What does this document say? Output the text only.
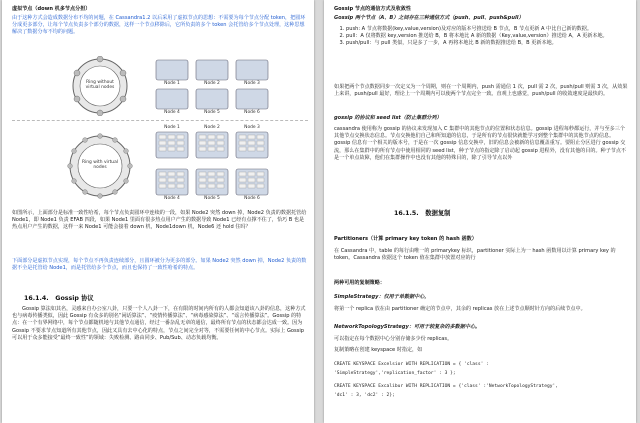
虚拟节点（down 机多节点分担）

由于这种方式会造成数据分布不均的问题，在 Cassandra1.2 以后采用了虚拟节点的思想：不需要为每个节点分配 token，把圆环分成更多部分，让每个节点负责多个部分的数据，这样一个节点移除后，它所负责的多个 token 会托管给多个节点处理，这种思想解决了数据分布不均的问题。

Ring without virtual nodes
Node 1	Node 2	Node 3
Node 4	Node 5	Node 6
Ring with virtual nodes
Node 1	Node 2	Node 3
Node 4	Node 5	Node 6

如图所示，上面部分是标准一致性哈希，每个节点负责圆环中连续的一段，如果 Node2 突然 down 掉，Node2 负责的数据托管给 Node1，即 Node1 负责 EFAB 四段，如果 Node1 里面有很多热点用户产生的数据导致 Node1 已经有点撑不住了，恰巧 B 也是热点用户产生的数据，这样一来 Node1 可能会接着 down 机，Node1down 机，Node6 还 hold 住吗？

下面部分是虚拟节点实现，每个节点不再负责连续部分，且圆环被分为更多的部分。如果 Node2 突然 down 掉，Node2 负责的数据不全是托管给 Node1，而是托管给多个节点，而且也保持了一致性哈希的特点。

16.1.4. Gossip 协议

Gossip 算法如其名，灵感来自办公室八卦，只要一个人八卦一下，在有限的时间内所有的人都会知道该八卦的信息，这种方式也与病毒传播类似，因此 Gossip 有众多的别名“闲话算法”、“疫情传播算法”、“病毒感染算法”、“谣言传播算法”。Gossip 的特点：在一个有界网络中，每个节点都随机地与其他节点通信，经过一番杂乱无章的通信，最终所有节点的状态都会达成一致。因为 Gossip 不要求节点知道所有其他节点，因此又具有去中心化的特点，节点之间完全对等，不需要任何的中心节点。实际上 Gossip 可以用于众多能接受“最终一致性”的领域：失败检测、路由同步、Pub/Sub、动态负载均衡。

Gossip 节点的通信方式及收敛性

Gossip 两个节点（A、B）之间存在三种通信方式（push、pull、push&pull）

1. push: A 节点将数据(key,value,version)及对应的版本号推送给 B 节点，B 节点更新 A 中比自己新的数据。
2. pull：A 仅将数据 key,version 推送给 B，B 将本地比 A 新的数据（Key,value,version）推送给 A，A 更新本地。
3. push/pull：与 pull 类似，只是多了一步，A 再将本地比 B 新的数据推送给 B，B 更新本地。

如果把两个节点数据同步一次定义为一个周期，则在一个周期内，push 需通信 1 次，pull 需 2 次，push/pull 则需 3 次，从效果上来讲，push/pull 最好，理论上一个周期内可以使两个节点完全一致。直观上也感觉，push/pull 的收敛速度是最快的。

gossip 的协议和 seed list（防止集群分列）

cassandra 使用称为 gossip 的协议来发现加入 C 集群中的其他节点的位置和状态信息。gossip 进程每秒都运行，并与至多三个其他节点交换状态信息。节点交换他们自己和所知道的信息，于是所有的节点很快就能学习到整个集群中的其他节点的信息。gossip 信息有一个相关的版本号，于是在一次 gossip 信息交换中，旧的信息会被新的信息覆盖重写。要阻止分区进行 gossip 交流，那么在集群中的所有节点中使用相同的 seed list，种子节点的指定除了启动起 gossip 进程外，没有其他的目的。种子节点不是一个单点故障，他们在集群操作中也没有其他的特殊目的，除了引导节点以外

16.1.5. 数据复制

Partitioners（计算 primary key token 的 hash 函数）

在 Cassandra 中，table 的每行由唯一的 primarykey 标识，partitioner 实际上为一 hash 函数用以计算 primary key 的 token。Cassandra 依据这个 token 值在集群中放置对应的行

两种可用的复制策略：

SimpleStrategy：仅用于单数据中心，

将第一个 replica 放在由 partitioner 确定的节点中，其余的 replicas 放在上述节点顺时针方向的后续节点中。

NetworkTopologyStrategy：可用于较复杂的多数据中心。

可以指定在每个数据中心分别存储多少份 replicas。

复制策略在创建 keyspace 时指定，如

CREATE KEYSPACE Excelsior WITH REPLICATION = { 'class' :

'SimpleStrategy','replication_factor' : 3 };

CREATE KEYSPACE Excalibur WITH REPLICATION = {'class' :'NetworkTopologyStrategy',

'dc1' : 3, 'dc2' : 2};
